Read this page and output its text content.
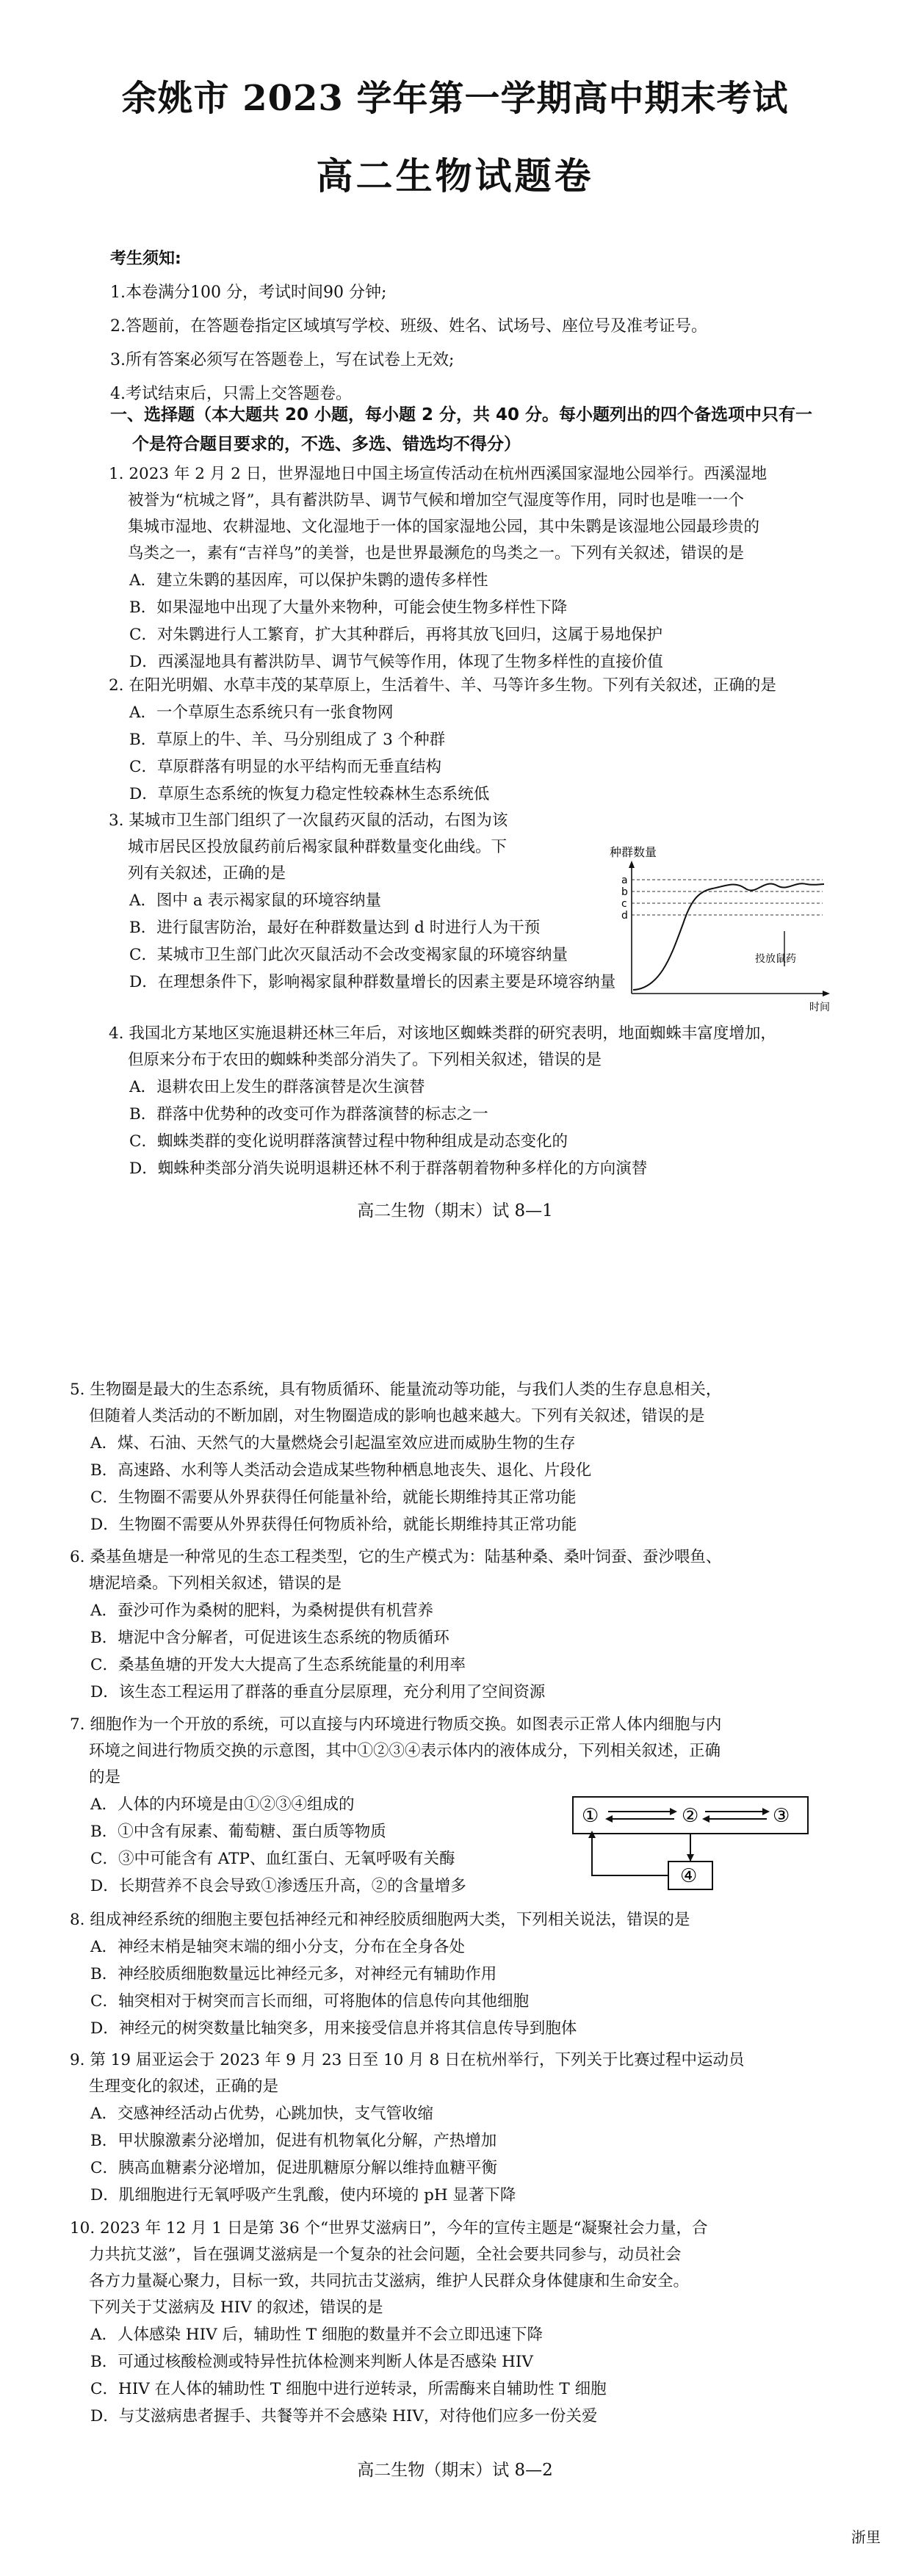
余姚市 2023 学年第一学期高中期末考试
高二生物试题卷
考生须知:
1.本卷满分100 分，考试时间90 分钟;
2.答题前，在答题卷指定区域填写学校、班级、姓名、试场号、座位号及准考证号。
3.所有答案必须写在答题卷上，写在试卷上无效;
4.考试结束后，只需上交答题卷。
一、选择题（本大题共 20 小题，每小题 2 分，共 40 分。每小题列出的四个备选项中只有一
个是符合题目要求的，不选、多选、错选均不得分）
1. 2023 年 2 月 2 日，世界湿地日中国主场宣传活动在杭州西溪国家湿地公园举行。西溪湿地
被誉为“杭城之肾”，具有蓄洪防旱、调节气候和增加空气湿度等作用，同时也是唯一一个
集城市湿地、农耕湿地、文化湿地于一体的国家湿地公园，其中朱鹮是该湿地公园最珍贵的
鸟类之一，素有“吉祥鸟”的美誉，也是世界最濒危的鸟类之一。下列有关叙述，错误的是
A．建立朱鹮的基因库，可以保护朱鹮的遗传多样性
B．如果湿地中出现了大量外来物种，可能会使生物多样性下降
C．对朱鹮进行人工繁育，扩大其种群后，再将其放飞回归，这属于易地保护
D．西溪湿地具有蓄洪防旱、调节气候等作用，体现了生物多样性的直接价值
2. 在阳光明媚、水草丰茂的某草原上，生活着牛、羊、马等许多生物。下列有关叙述，正确的是
A．一个草原生态系统只有一张食物网
B．草原上的牛、羊、马分别组成了 3 个种群
C．草原群落有明显的水平结构而无垂直结构
D．草原生态系统的恢复力稳定性较森林生态系统低
3. 某城市卫生部门组织了一次鼠药灭鼠的活动，右图为该
城市居民区投放鼠药前后褐家鼠种群数量变化曲线。下
列有关叙述，正确的是
A．图中 a 表示褐家鼠的环境容纳量
B．进行鼠害防治，最好在种群数量达到 d 时进行人为干预
C．某城市卫生部门此次灭鼠活动不会改变褐家鼠的环境容纳量
D．在理想条件下，影响褐家鼠种群数量增长的因素主要是环境容纳量
种群数量
a
b
c
d
投放鼠药
时间
4. 我国北方某地区实施退耕还林三年后，对该地区蜘蛛类群的研究表明，地面蜘蛛丰富度增加，
但原来分布于农田的蜘蛛种类部分消失了。下列相关叙述，错误的是
A．退耕农田上发生的群落演替是次生演替
B．群落中优势种的改变可作为群落演替的标志之一
C．蜘蛛类群的变化说明群落演替过程中物种组成是动态变化的
D．蜘蛛种类部分消失说明退耕还林不利于群落朝着物种多样化的方向演替
高二生物（期末）试 8—1
5. 生物圈是最大的生态系统，具有物质循环、能量流动等功能，与我们人类的生存息息相关，
但随着人类活动的不断加剧，对生物圈造成的影响也越来越大。下列有关叙述，错误的是
A．煤、石油、天然气的大量燃烧会引起温室效应进而威胁生物的生存
B．高速路、水利等人类活动会造成某些物种栖息地丧失、退化、片段化
C．生物圈不需要从外界获得任何能量补给，就能长期维持其正常功能
D．生物圈不需要从外界获得任何物质补给，就能长期维持其正常功能
6. 桑基鱼塘是一种常见的生态工程类型，它的生产模式为：陆基种桑、桑叶饲蚕、蚕沙喂鱼、
塘泥培桑。下列相关叙述，错误的是
A．蚕沙可作为桑树的肥料，为桑树提供有机营养
B．塘泥中含分解者，可促进该生态系统的物质循环
C．桑基鱼塘的开发大大提高了生态系统能量的利用率
D．该生态工程运用了群落的垂直分层原理，充分利用了空间资源
7. 细胞作为一个开放的系统，可以直接与内环境进行物质交换。如图表示正常人体内细胞与内
环境之间进行物质交换的示意图，其中①②③④表示体内的液体成分，下列相关叙述，正确
的是
A．人体的内环境是由①②③④组成的
B．①中含有尿素、葡萄糖、蛋白质等物质
C．③中可能含有 ATP、血红蛋白、无氧呼吸有关酶
D．长期营养不良会导致①渗透压升高，②的含量增多
①	②	③
④
8. 组成神经系统的细胞主要包括神经元和神经胶质细胞两大类，下列相关说法，错误的是
A．神经末梢是轴突末端的细小分支，分布在全身各处
B．神经胶质细胞数量远比神经元多，对神经元有辅助作用
C．轴突相对于树突而言长而细，可将胞体的信息传向其他细胞
D．神经元的树突数量比轴突多，用来接受信息并将其信息传导到胞体
9. 第 19 届亚运会于 2023 年 9 月 23 日至 10 月 8 日在杭州举行，下列关于比赛过程中运动员
生理变化的叙述，正确的是
A．交感神经活动占优势，心跳加快，支气管收缩
B．甲状腺激素分泌增加，促进有机物氧化分解，产热增加
C．胰高血糖素分泌增加，促进肌糖原分解以维持血糖平衡
D．肌细胞进行无氧呼吸产生乳酸，使内环境的 pH 显著下降
10. 2023 年 12 月 1 日是第 36 个“世界艾滋病日”，今年的宣传主题是“凝聚社会力量，合
力共抗艾滋”，旨在强调艾滋病是一个复杂的社会问题，全社会要共同参与，动员社会
各方力量凝心聚力，目标一致，共同抗击艾滋病，维护人民群众身体健康和生命安全。
下列关于艾滋病及 HIV 的叙述，错误的是
A．人体感染 HIV 后，辅助性 T 细胞的数量并不会立即迅速下降
B．可通过核酸检测或特异性抗体检测来判断人体是否感染 HIV
C．HIV 在人体的辅助性 T 细胞中进行逆转录，所需酶来自辅助性 T 细胞
D．与艾滋病患者握手、共餐等并不会感染 HIV，对待他们应多一份关爱
高二生物（期末）试 8—2
浙里
